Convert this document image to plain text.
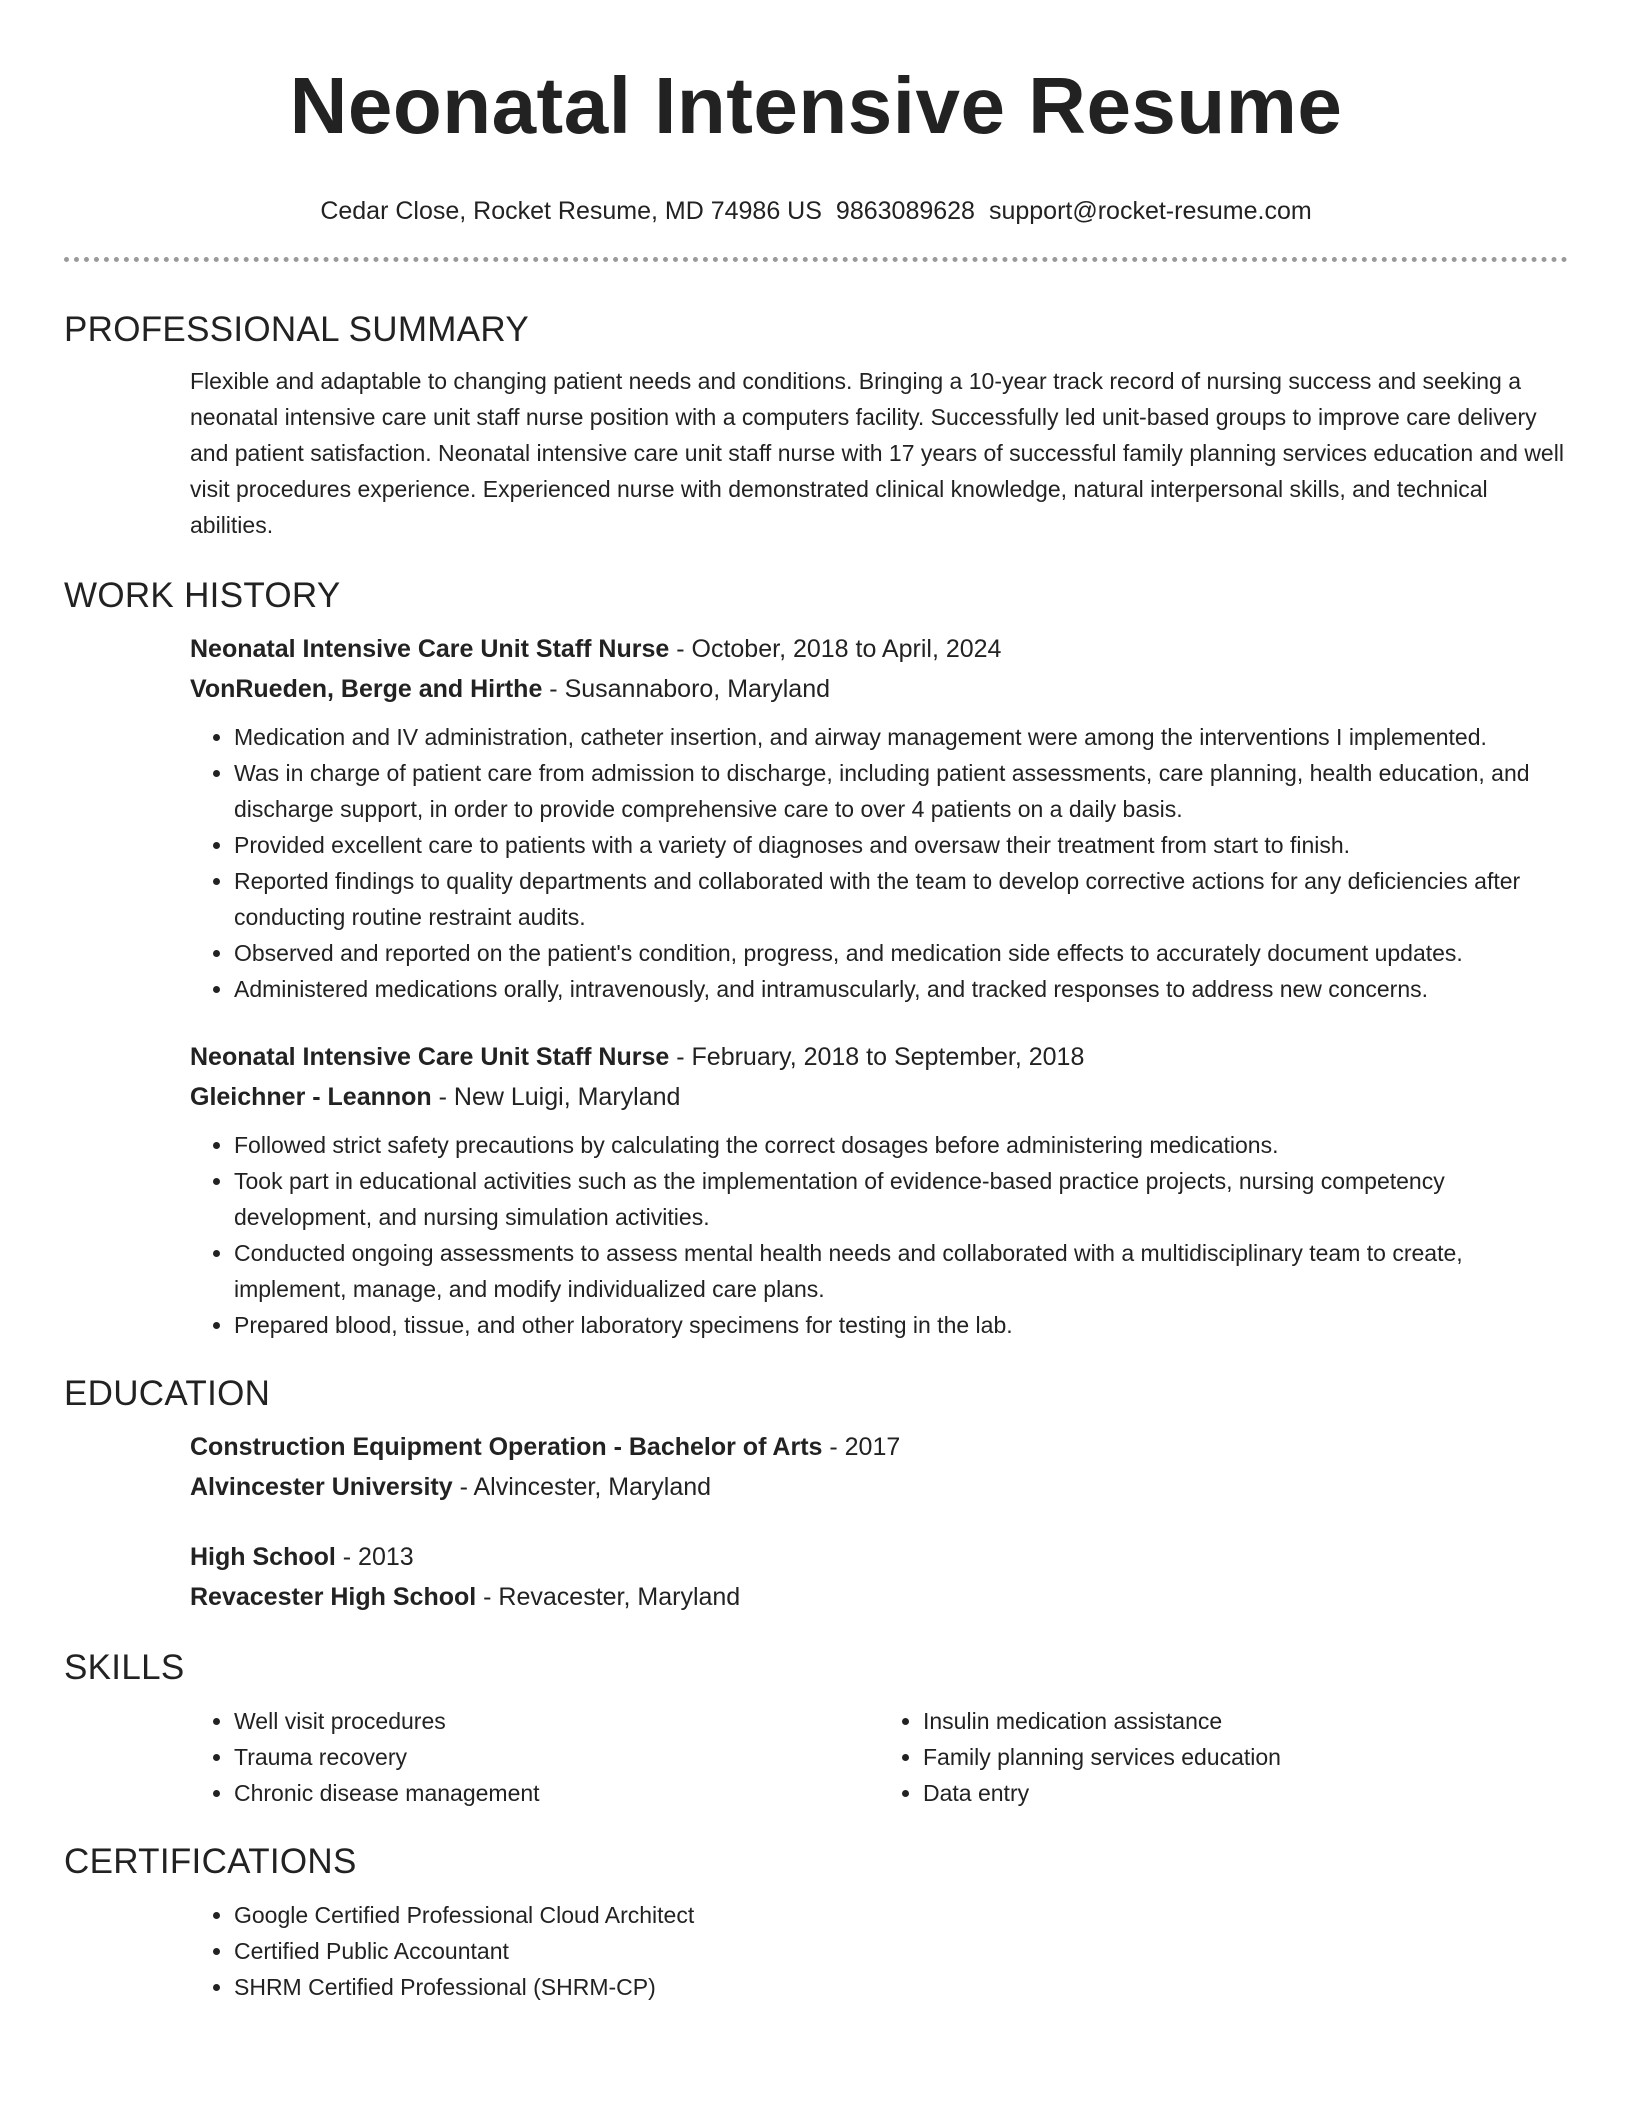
Neonatal Intensive Resume
Cedar Close, Rocket Resume, MD 74986 US 9863089628 support@rocket-resume.com
PROFESSIONAL SUMMARY

Flexible and adaptable to changing patient needs and conditions. Bringing a 10-year track record of nursing success and seeking a neonatal intensive care unit staff nurse position with a computers facility. Successfully led unit-based groups to improve care delivery and patient satisfaction. Neonatal intensive care unit staff nurse with 17 years of successful family planning services education and well visit procedures experience. Experienced nurse with demonstrated clinical knowledge, natural interpersonal skills, and technical abilities.

WORK HISTORY
Neonatal Intensive Care Unit Staff Nurse - October, 2018 to April, 2024
VonRueden, Berge and Hirthe - Susannaboro, Maryland
• Medication and IV administration, catheter insertion, and airway management were among the interventions I implemented.
• Was in charge of patient care from admission to discharge, including patient assessments, care planning, health education, and discharge support, in order to provide comprehensive care to over 4 patients on a daily basis.
• Provided excellent care to patients with a variety of diagnoses and oversaw their treatment from start to finish.
• Reported findings to quality departments and collaborated with the team to develop corrective actions for any deficiencies after conducting routine restraint audits.
• Observed and reported on the patient's condition, progress, and medication side effects to accurately document updates.
• Administered medications orally, intravenously, and intramuscularly, and tracked responses to address new concerns.
Neonatal Intensive Care Unit Staff Nurse - February, 2018 to September, 2018
Gleichner - Leannon - New Luigi, Maryland
• Followed strict safety precautions by calculating the correct dosages before administering medications.
• Took part in educational activities such as the implementation of evidence-based practice projects, nursing competency development, and nursing simulation activities.
• Conducted ongoing assessments to assess mental health needs and collaborated with a multidisciplinary team to create, implement, manage, and modify individualized care plans.
• Prepared blood, tissue, and other laboratory specimens for testing in the lab.
EDUCATION
Construction Equipment Operation - Bachelor of Arts - 2017
Alvincester University - Alvincester, Maryland
High School - 2013
Revacester High School - Revacester, Maryland
SKILLS
• Well visit procedures
• Trauma recovery
• Chronic disease management
• Insulin medication assistance
• Family planning services education
• Data entry
CERTIFICATIONS
• Google Certified Professional Cloud Architect
• Certified Public Accountant
• SHRM Certified Professional (SHRM-CP)
